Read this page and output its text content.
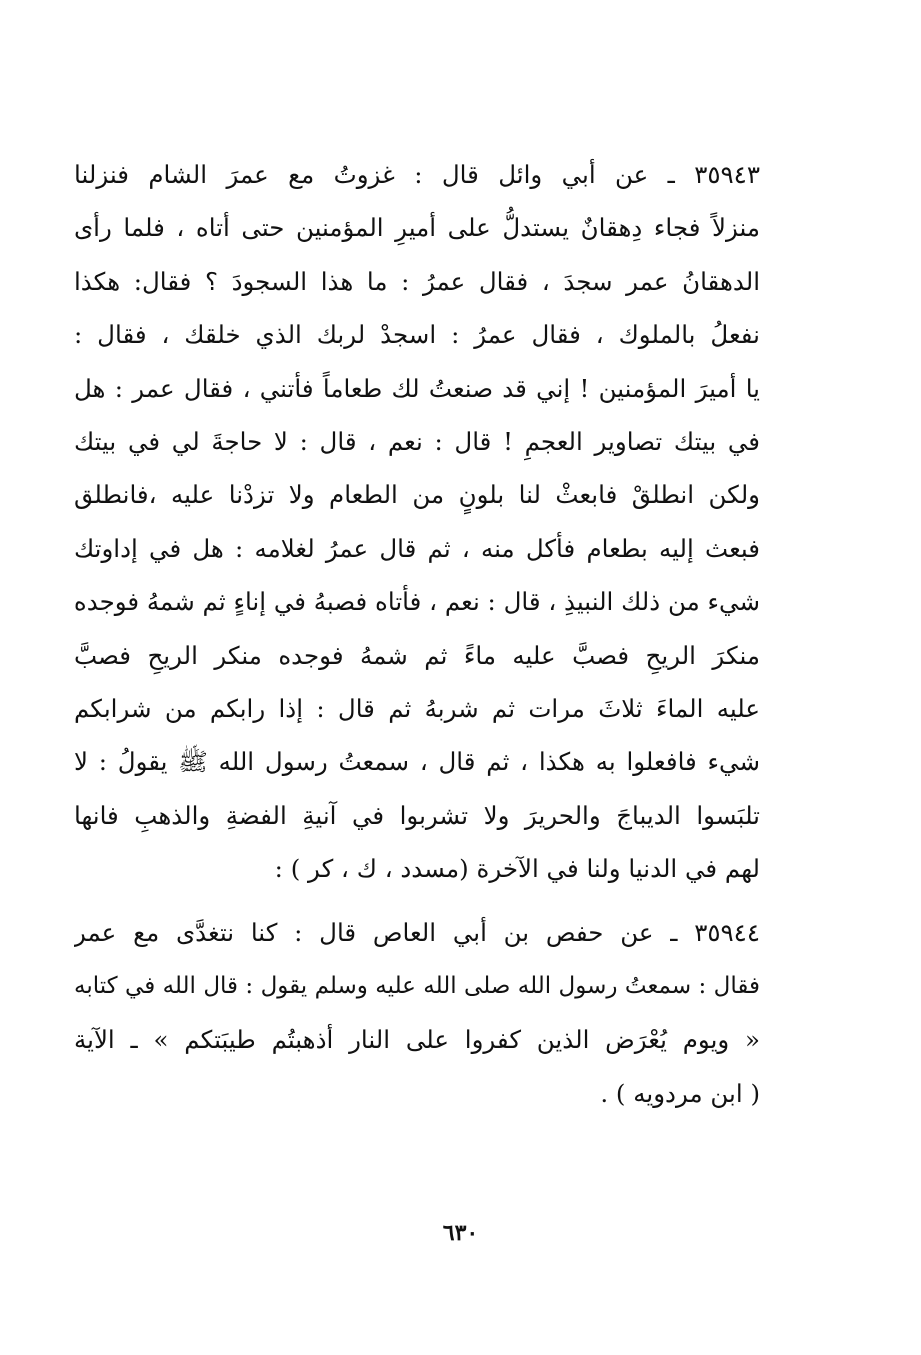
٣٥٩٤٣ ـ عن أبي وائل قال : غزوتُ مع عمرَ الشام فنزلنا
منزلاً فجاء دِهقانٌ يستدلُّ على أميرِ المؤمنين حتى أتاه ، فلما رأى
الدهقانُ عمر سجدَ ، فقال عمرُ : ما هذا السجودَ ؟ فقال: هكذا
نفعلُ بالملوك ، فقال عمرُ : اسجدْ لربك الذي خلقك ، فقال :
يا أميرَ المؤمنين ! إني قد صنعتُ لك طعاماً فأتني ، فقال عمر : هل
في بيتك تصاوير العجمِ ! قال : نعم ، قال : لا حاجةَ لي في بيتك
ولكن انطلقْ فابعثْ لنا بلونٍ من الطعام ولا تزدْنا عليه ،فانطلق
فبعث إليه بطعام فأكل منه ، ثم قال عمرُ لغلامه : هل في إداوتك
شيء من ذلك النبيذِ ، قال : نعم ، فأتاه فصبهُ في إناءٍ ثم شمهُ فوجده
منكرَ الريحِ فصبَّ عليه ماءً ثم شمهُ فوجده منكر الريحِ فصبَّ
عليه الماءَ ثلاثَ مرات ثم شربهُ ثم قال : إذا رابكم من شرابكم
شيء فافعلوا به هكذا ، ثم قال ، سمعتُ رسول الله ﷺ يقولُ : لا
تلبَسوا الديباجَ والحريرَ ولا تشربوا في آنيةِ الفضةِ والذهبِ فانها
لهم في الدنيا ولنا في الآخرة (مسدد ، ك ، كر ) :
٣٥٩٤٤ ـ عن حفص بن أبي العاص قال : كنا نتغدَّى مع عمر
فقال : سمعتُ رسول الله صلى الله عليه وسلم يقول : قال الله في كتابه
« ويوم يُعْرَض الذين كفروا على النار أذهبتُم طيبَتكم » ـ الآية
( ابن مردويه ) .
٦٣٠
